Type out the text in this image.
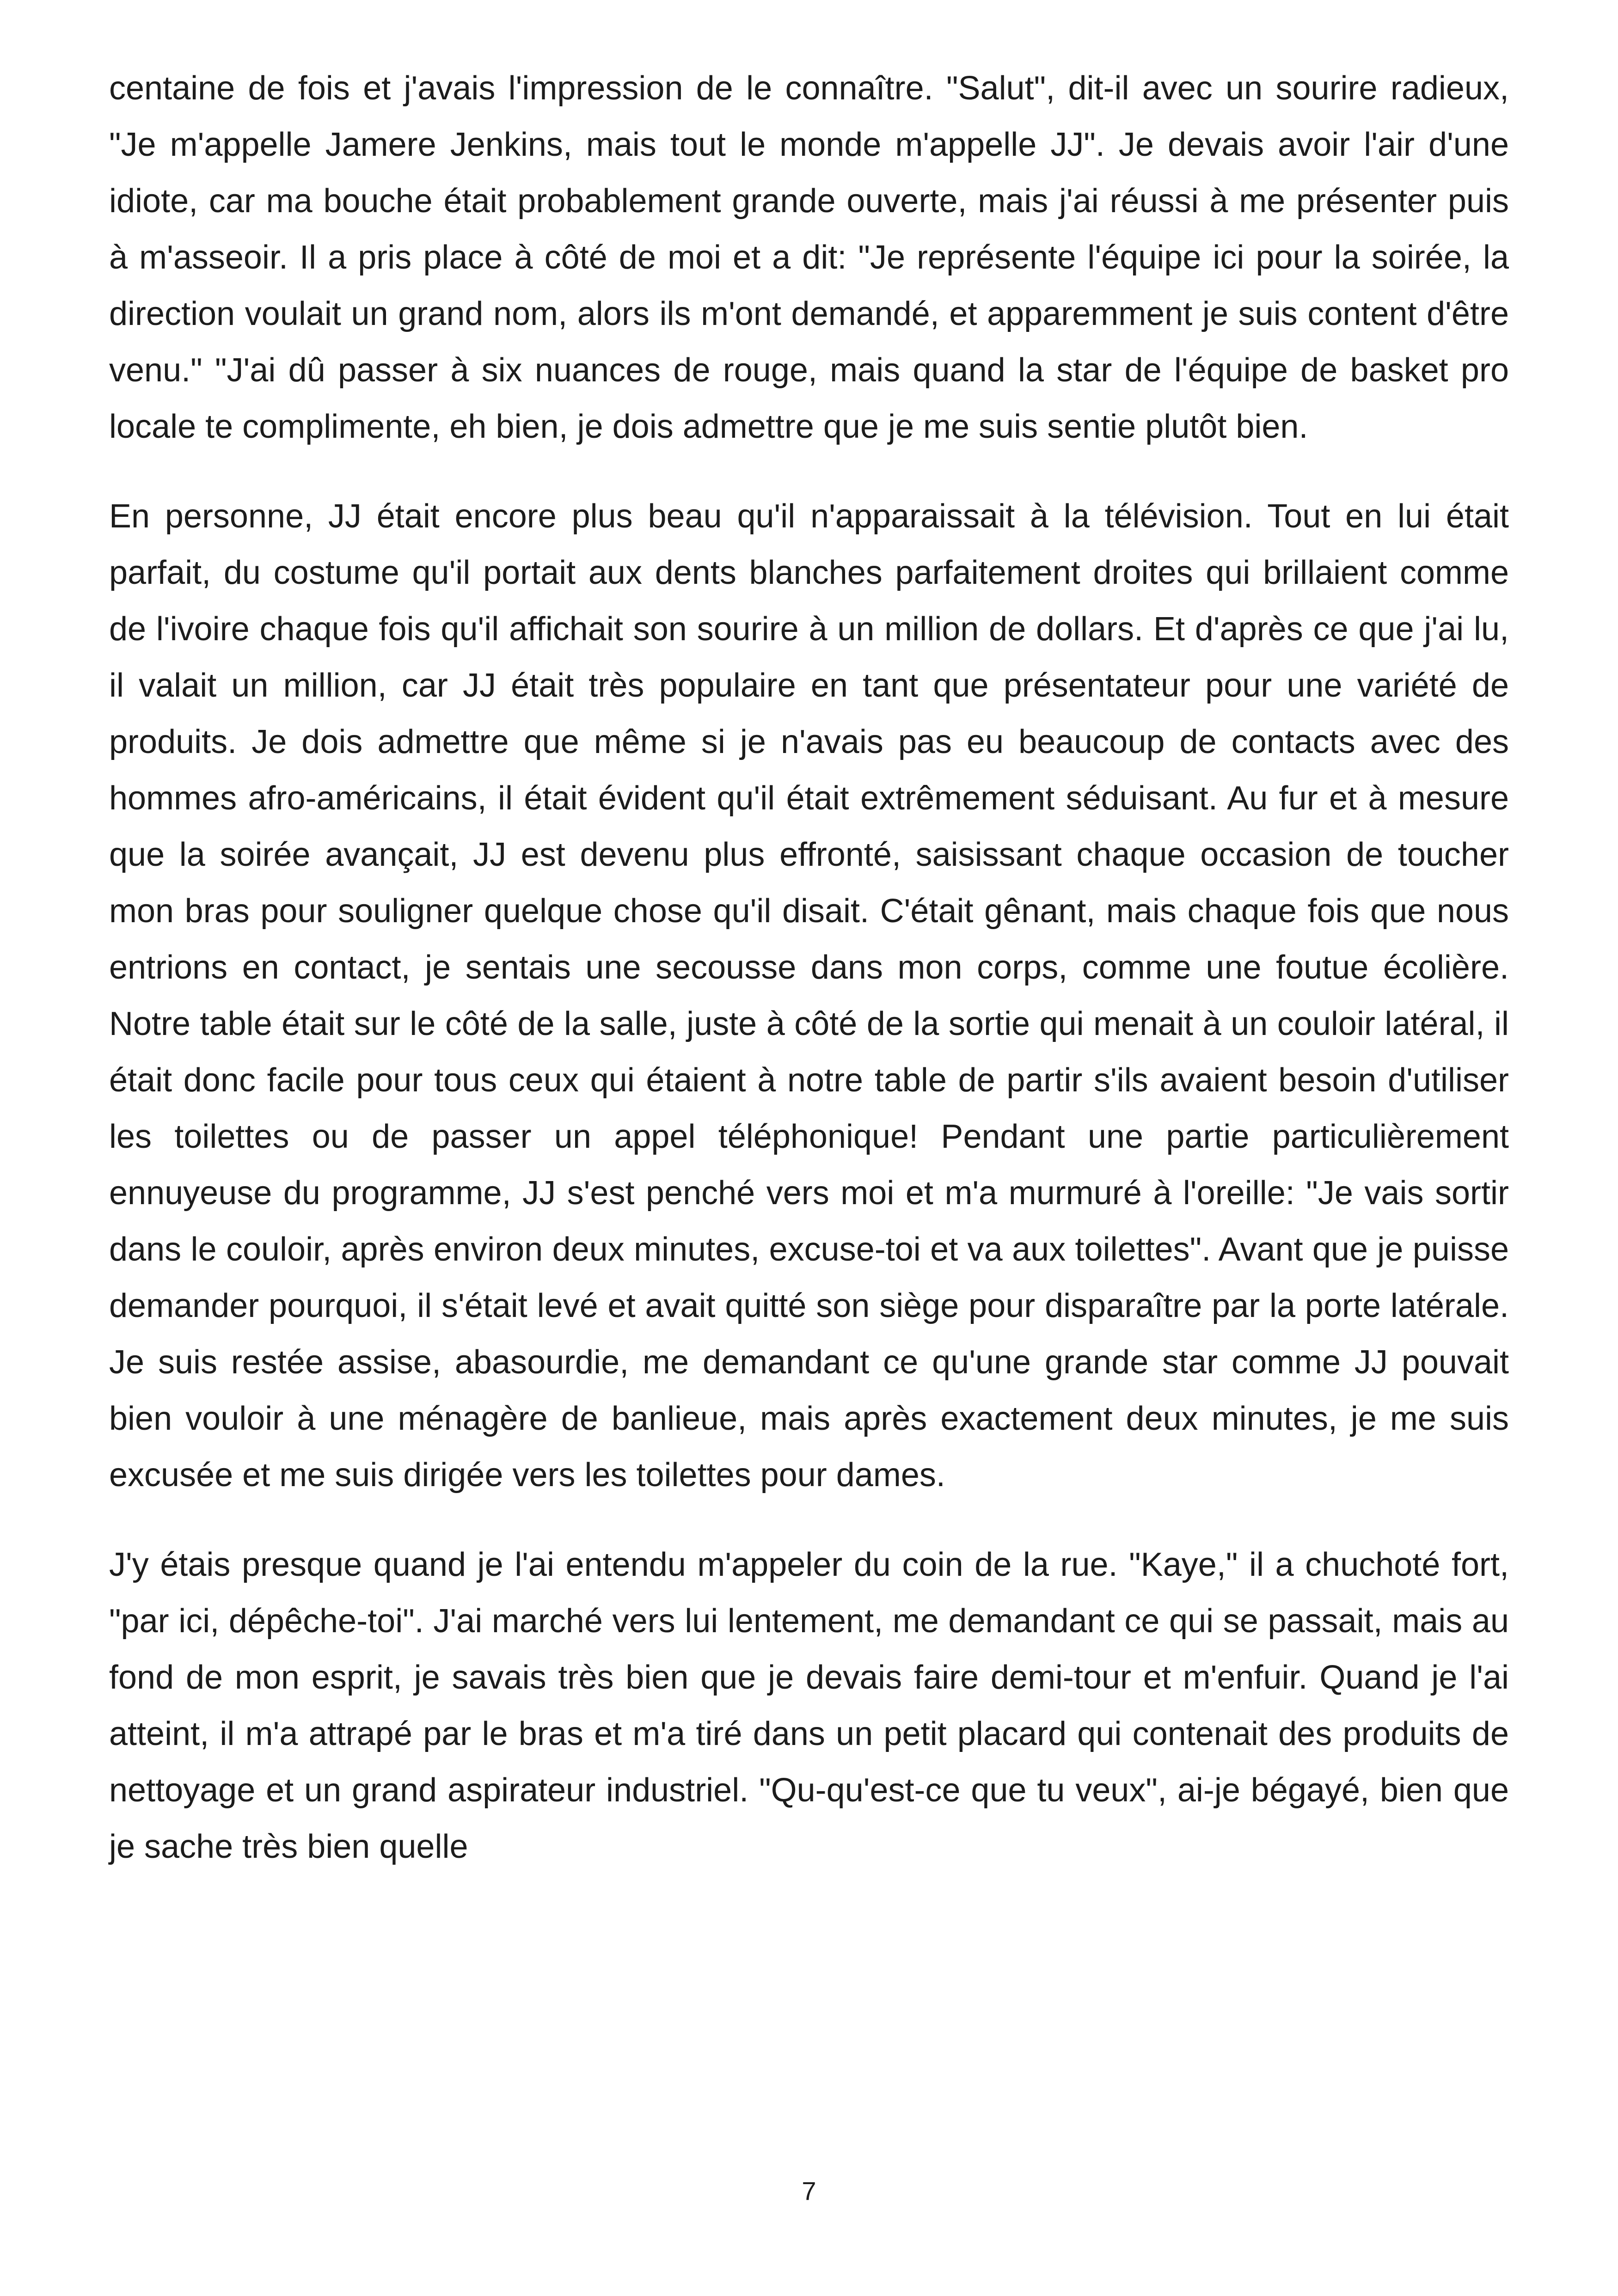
centaine de fois et j'avais l'impression de le connaître. "Salut", dit-il avec un sourire radieux, "Je m'appelle Jamere Jenkins, mais tout le monde m'appelle JJ". Je devais avoir l'air d'une idiote, car ma bouche était probablement grande ouverte, mais j'ai réussi à me présenter puis à m'asseoir. Il a pris place à côté de moi et a dit: "Je représente l'équipe ici pour la soirée, la direction voulait un grand nom, alors ils m'ont demandé, et apparemment je suis content d'être venu." "J'ai dû passer à six nuances de rouge, mais quand la star de l'équipe de basket pro locale te complimente, eh bien, je dois admettre que je me suis sentie plutôt bien.

En personne, JJ était encore plus beau qu'il n'apparaissait à la télévision. Tout en lui était parfait, du costume qu'il portait aux dents blanches parfaitement droites qui brillaient comme de l'ivoire chaque fois qu'il affichait son sourire à un million de dollars. Et d'après ce que j'ai lu, il valait un million, car JJ était très populaire en tant que présentateur pour une variété de produits. Je dois admettre que même si je n'avais pas eu beaucoup de contacts avec des hommes afro-américains, il était évident qu'il était extrêmement séduisant. Au fur et à mesure que la soirée avançait, JJ est devenu plus effronté, saisissant chaque occasion de toucher mon bras pour souligner quelque chose qu'il disait. C'était gênant, mais chaque fois que nous entrions en contact, je sentais une secousse dans mon corps, comme une foutue écolière. Notre table était sur le côté de la salle, juste à côté de la sortie qui menait à un couloir latéral, il était donc facile pour tous ceux qui étaient à notre table de partir s'ils avaient besoin d'utiliser les toilettes ou de passer un appel téléphonique! Pendant une partie particulièrement ennuyeuse du programme, JJ s'est penché vers moi et m'a murmuré à l'oreille: "Je vais sortir dans le couloir, après environ deux minutes, excuse-toi et va aux toilettes". Avant que je puisse demander pourquoi, il s'était levé et avait quitté son siège pour disparaître par la porte latérale. Je suis restée assise, abasourdie, me demandant ce qu'une grande star comme JJ pouvait bien vouloir à une ménagère de banlieue, mais après exactement deux minutes, je me suis excusée et me suis dirigée vers les toilettes pour dames.

J'y étais presque quand je l'ai entendu m'appeler du coin de la rue. "Kaye," il a chuchoté fort, "par ici, dépêche-toi". J'ai marché vers lui lentement, me demandant ce qui se passait, mais au fond de mon esprit, je savais très bien que je devais faire demi-tour et m'enfuir. Quand je l'ai atteint, il m'a attrapé par le bras et m'a tiré dans un petit placard qui contenait des produits de nettoyage et un grand aspirateur industriel. "Qu-qu'est-ce que tu veux", ai-je bégayé, bien que je sache très bien quelle

7
